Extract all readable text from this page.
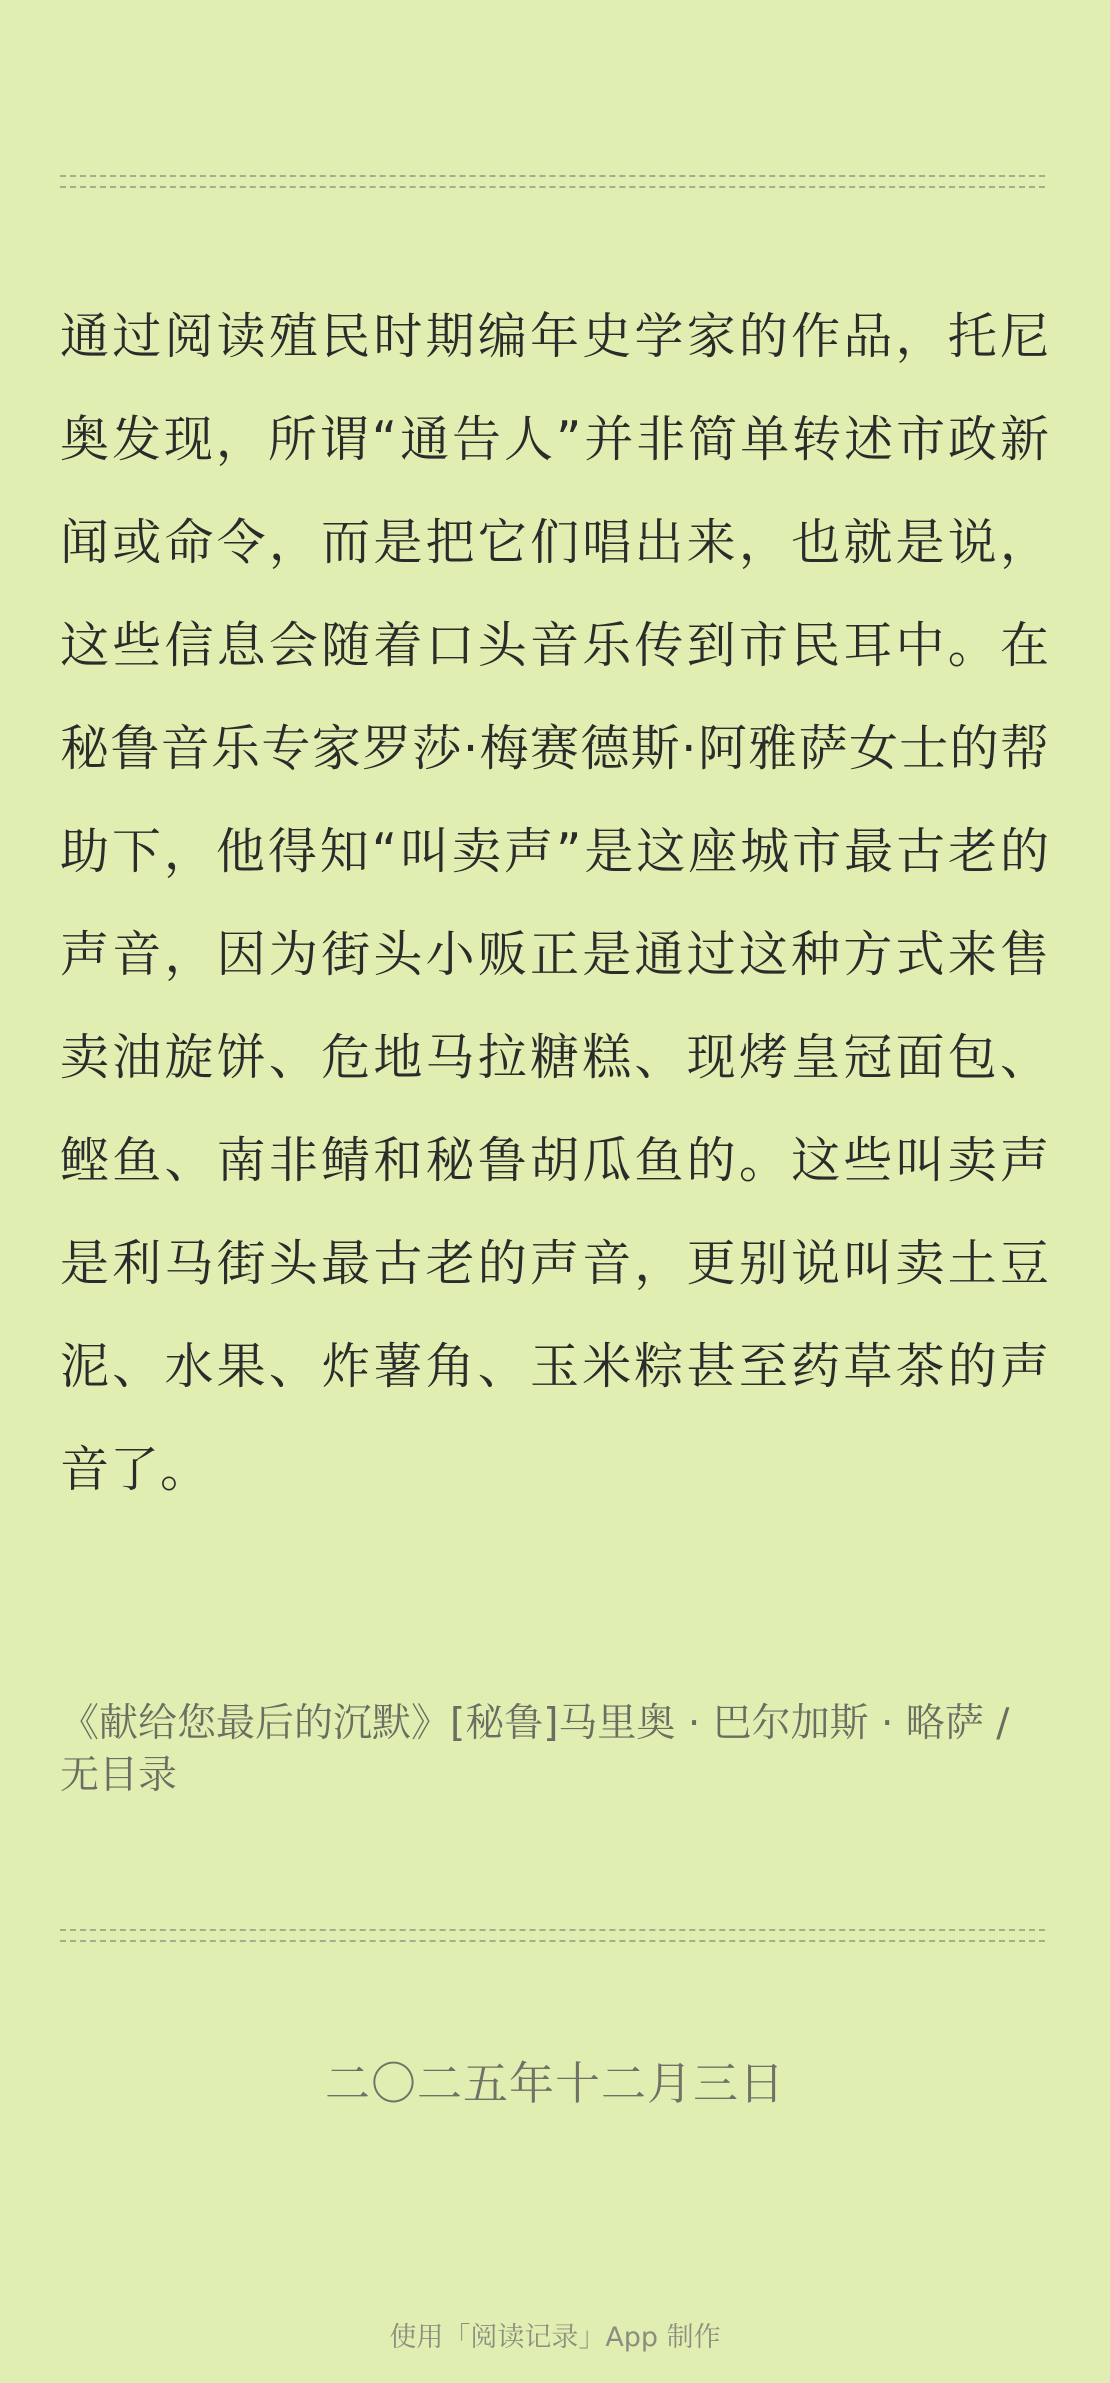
通过阅读殖民时期编年史学家的作品，托尼奥发现，所谓“通告人”并非简单转述市政新闻或命令，而是把它们唱出来，也就是说，这些信息会随着口头音乐传到市民耳中。在秘鲁音乐专家罗莎·梅赛德斯·阿雅萨女士的帮助下，他得知“叫卖声”是这座城市最古老的声音，因为街头小贩正是通过这种方式来售卖油旋饼、危地马拉糖糕、现烤皇冠面包、鲣鱼、南非鲭和秘鲁胡瓜鱼的。这些叫卖声是利马街头最古老的声音，更别说叫卖土豆泥、水果、炸薯角、玉米粽甚至药草茶的声音了。

《献给您最后的沉默》[秘鲁]马里奥 · 巴尔加斯 · 略萨 / 无目录

二〇二五年十二月三日
使用「阅读记录」App 制作
